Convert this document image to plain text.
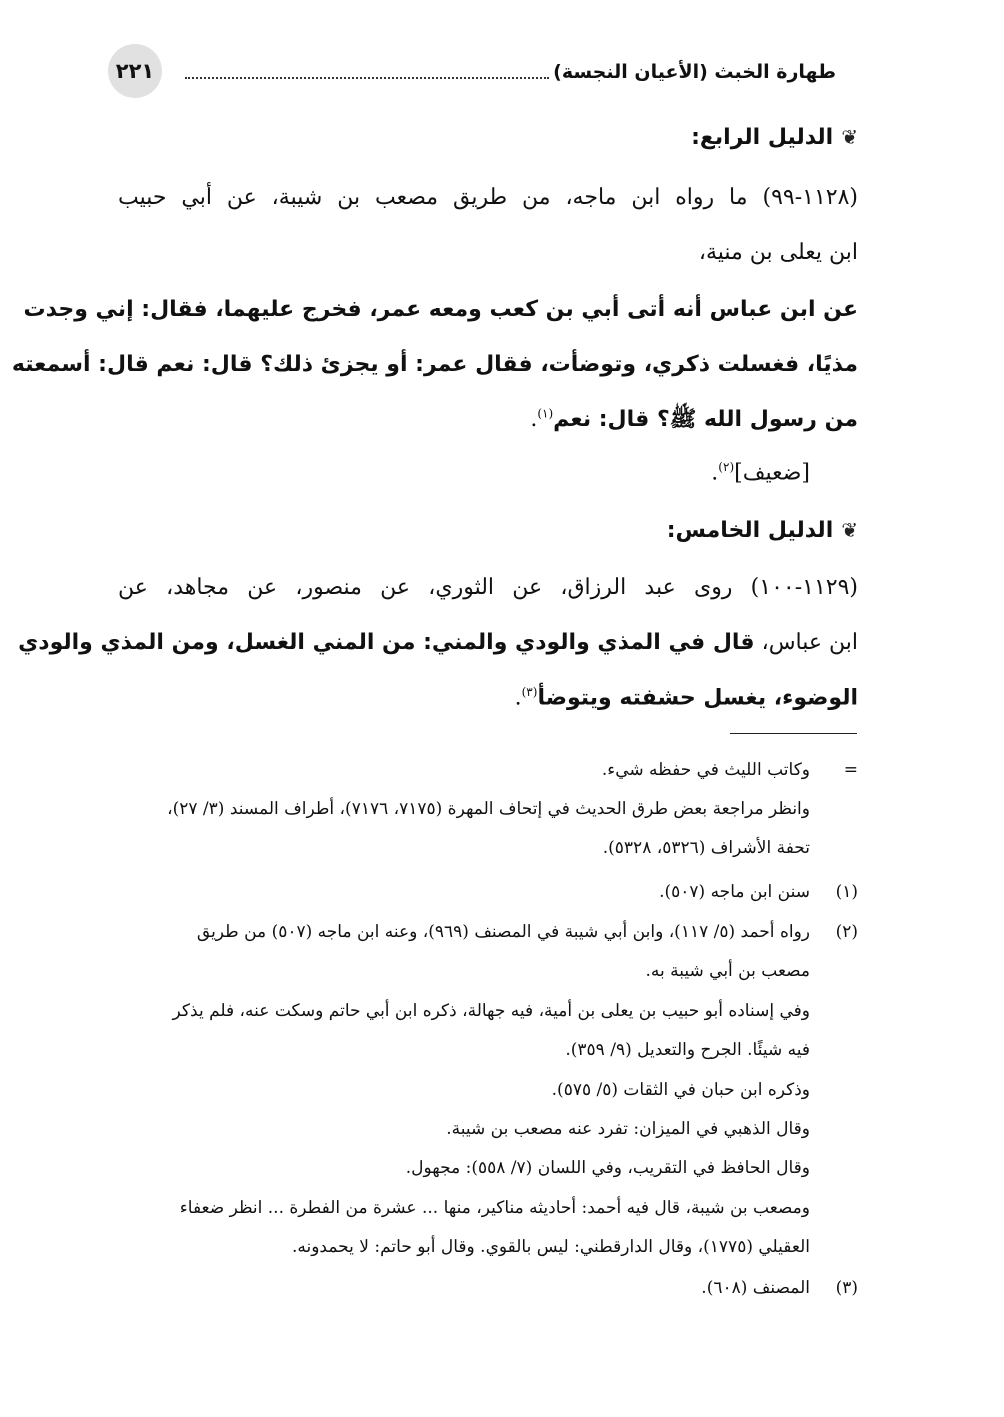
٢٢١	طهارة الخبث (الأعيان النجسة)
❦الدليل الرابع:
(١١٢٨-٩٩) ما رواه ابن ماجه، من طريق مصعب بن شيبة، عن أبي حبيب
ابن يعلى بن منية،
عن ابن عباس أنه أتى أبي بن كعب ومعه عمر، فخرج عليهما، فقال: إني وجدت
مذيًا، فغسلت ذكري، وتوضأت، فقال عمر: أو يجزئ ذلك؟ قال: نعم قال: أسمعته
من رسول الله ﷺ؟ قال: نعم$^{(١)}$.
[ضعيف]$^{(٢)}$.
❦الدليل الخامس:
(١١٢٩-١٠٠) روى عبد الرزاق، عن الثوري، عن منصور، عن مجاهد، عن
ابن عباس، قال في المذي والودي والمني: من المني الغسل، ومن المذي والودي
الوضوء، يغسل حشفته ويتوضأ$^{(٣)}$.
=
وكاتب الليث في حفظه شيء.
وانظر مراجعة بعض طرق الحديث في إتحاف المهرة (٧١٧٥، ٧١٧٦)، أطراف المسند (٣/ ٢٧)،
تحفة الأشراف (٥٣٢٦، ٥٣٢٨).
(١)
سنن ابن ماجه (٥٠٧).
(٢)
رواه أحمد (٥/ ١١٧)، وابن أبي شيبة في المصنف (٩٦٩)، وعنه ابن ماجه (٥٠٧) من طريق
مصعب بن أبي شيبة به.
وفي إسناده أبو حبيب بن يعلى بن أمية، فيه جهالة، ذكره ابن أبي حاتم وسكت عنه، فلم يذكر
فيه شيئًا. الجرح والتعديل (٩/ ٣٥٩).
وذكره ابن حبان في الثقات (٥/ ٥٧٥).
وقال الذهبي في الميزان: تفرد عنه مصعب بن شيبة.
وقال الحافظ في التقريب، وفي اللسان (٧/ ٥٥٨): مجهول.
ومصعب بن شيبة، قال فيه أحمد: أحاديثه مناكير، منها ... عشرة من الفطرة ... انظر ضعفاء
العقيلي (١٧٧٥)، وقال الدارقطني: ليس بالقوي. وقال أبو حاتم: لا يحمدونه.
(٣)
المصنف (٦٠٨).
